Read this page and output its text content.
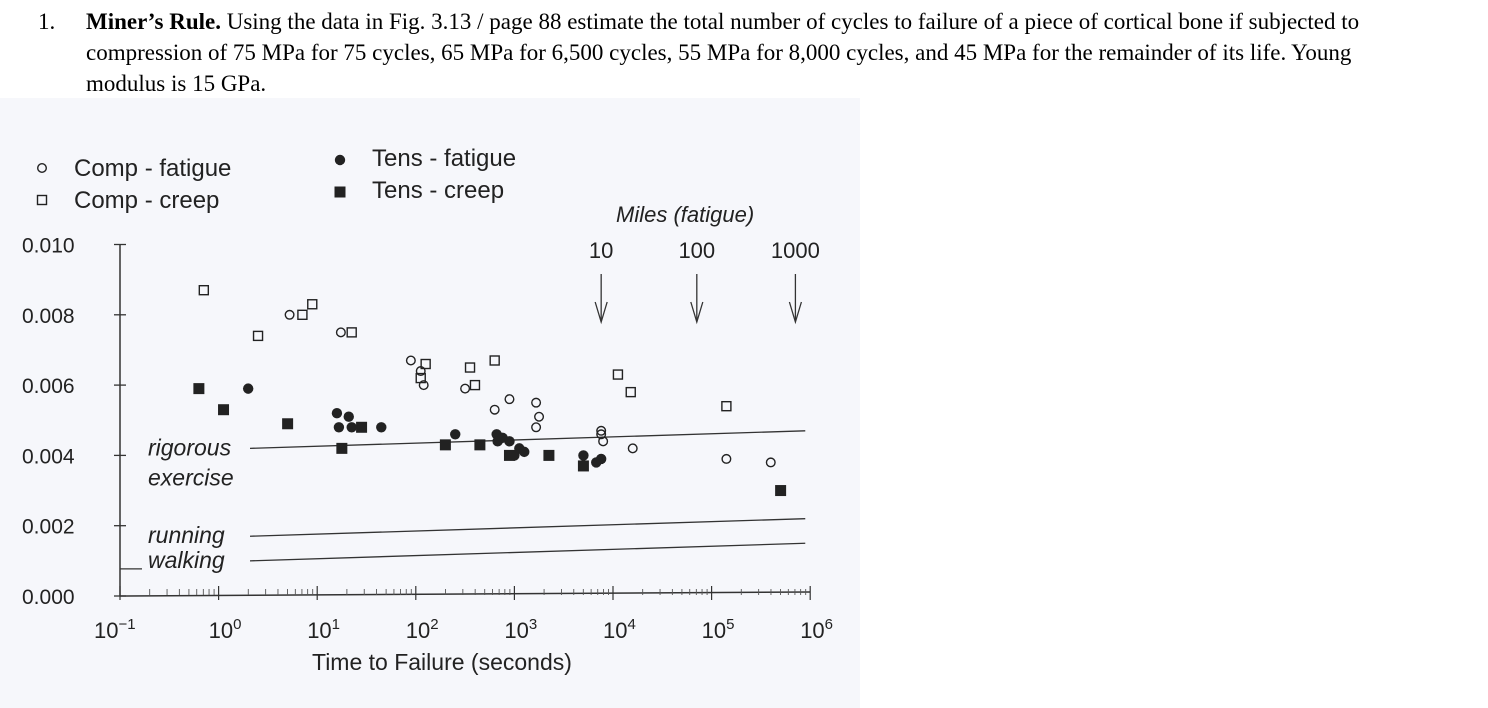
1. Miner’s Rule. Using the data in Fig. 3.13 / page 88 estimate the total number of cycles to failure of a piece of cortical bone if subjected to compression of 75 MPa for 75 cycles, 65 MPa for 6,500 cycles, 55 MPa for 8,000 cycles, and 45 MPa for the remainder of its life. Young modulus is 15 GPa.
0.000
0.002
0.004
0.006
0.008
0.010
$10^{-1}$	$10^0$	$10^1$	$10^2$	$10^3$	$10^4$	$10^5$	$10^6$
Time to Failure (seconds)
Comp - fatigue
Comp - creep
Tens - fatigue
Tens - creep
rigorous
exercise
running
walking
Miles (fatigue)
10	100	1000
